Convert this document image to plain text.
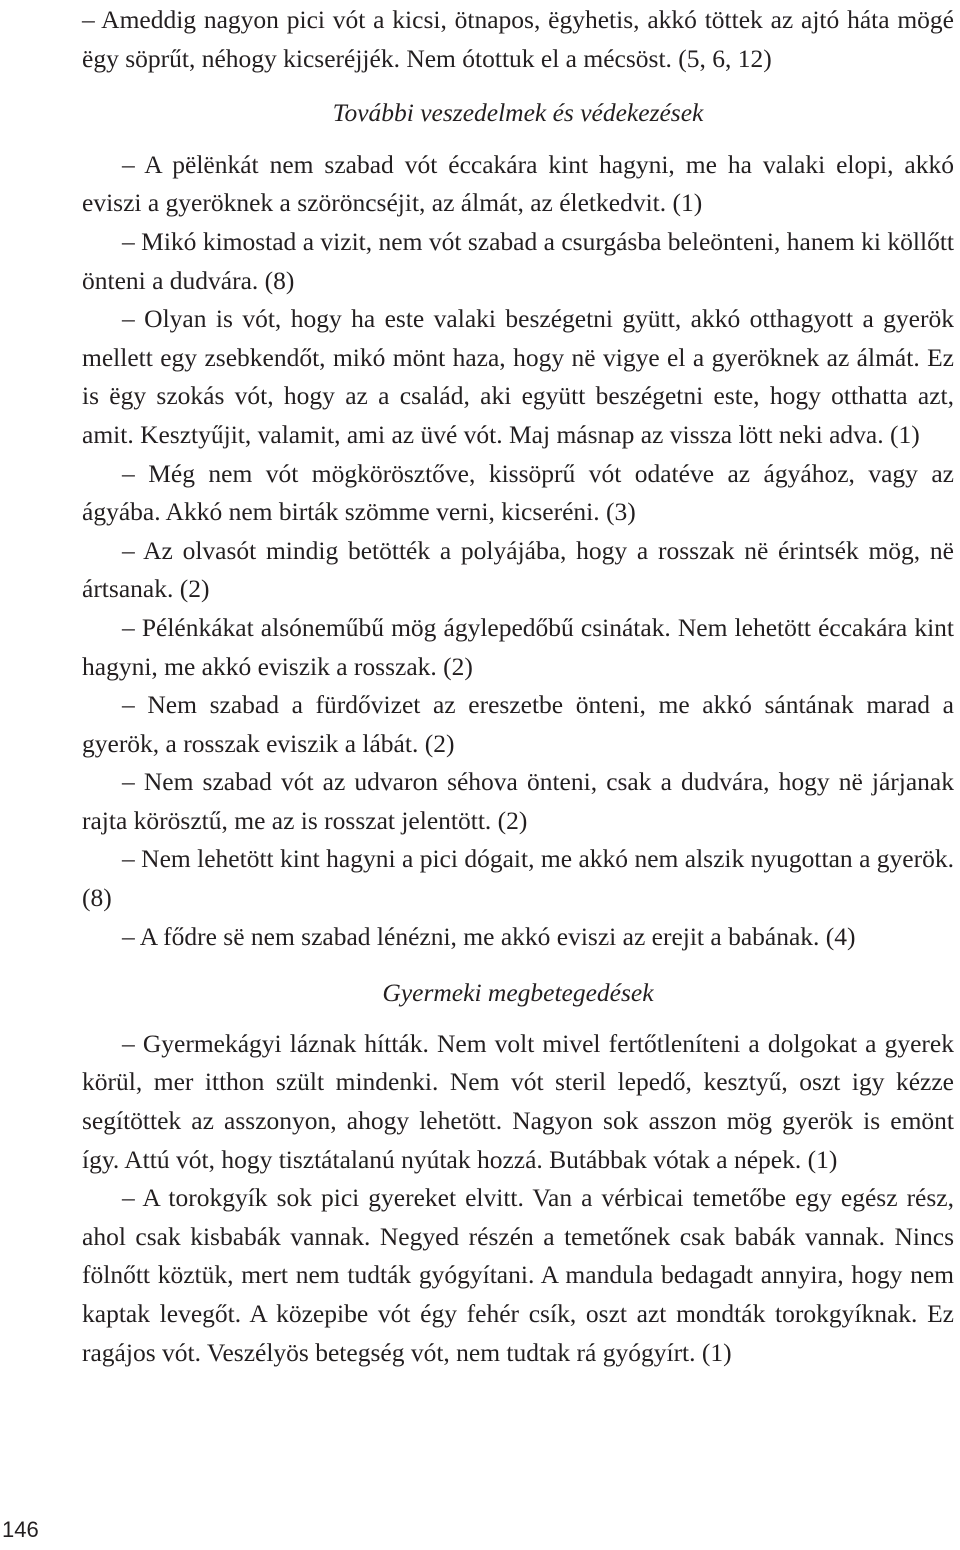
– Ameddig nagyon pici vót a kicsi, ötnapos, ëgyhetis, akkó töttek az ajtó háta mögé ëgy söprűt, néhogy kicseréjjék. Nem ótottuk el a mécsöst. (5, 6, 12)

További veszedelmek és védekezések

– A pëlënkát nem szabad vót éccakára kint hagyni, me ha valaki elopi, akkó eviszi a gyeröknek a szöröncséjit, az álmát, az életkedvit. (1)

– Mikó kimostad a vizit, nem vót szabad a csurgásba beleönteni, hanem ki köllőtt önteni a dudvára. (8)

– Olyan is vót, hogy ha este valaki beszégetni gyütt, akkó otthagyott a gyerök mellett egy zsebkendőt, mikó mönt haza, hogy në vigye el a gyeröknek az álmát. Ez is ëgy szokás vót, hogy az a család, aki együtt beszégetni este, hogy otthatta azt, amit. Kesztyűjit, valamit, ami az üvé vót. Maj másnap az vissza lött neki adva. (1)

– Még nem vót mögkörösztőve, kissöprű vót odatéve az ágyához, vagy az ágyába. Akkó nem birták szömme verni, kicseréni. (3)

– Az olvasót mindig betötték a polyájába, hogy a rosszak në érintsék mög, në ártsanak. (2)

– Pélénkákat alsóneműbű mög ágylepedőbű csinátak. Nem lehetött éccakára kint hagyni, me akkó eviszik a rosszak. (2)

– Nem szabad a fürdővizet az ereszetbe önteni, me akkó sántának marad a gyerök, a rosszak eviszik a lábát. (2)

– Nem szabad vót az udvaron séhova önteni, csak a dudvára, hogy në járjanak rajta körösztű, me az is rosszat jelentött. (2)

– Nem lehetött kint hagyni a pici dógait, me akkó nem alszik nyugottan a gyerök. (8)

– A fődre së nem szabad lénézni, me akkó eviszi az erejit a babának. (4)

Gyermeki megbetegedések

– Gyermekágyi láznak hítták. Nem volt mivel fertőtleníteni a dolgokat a gyerek körül, mer itthon szült mindenki. Nem vót steril lepedő, kesztyű, oszt igy kézze segítöttek az asszonyon, ahogy lehetött. Nagyon sok asszon mög gyerök is emönt így. Attú vót, hogy tisztátalanú nyútak hozzá. Butábbak vótak a népek. (1)

– A torokgyík sok pici gyereket elvitt. Van a vérbicai temetőbe egy egész rész, ahol csak kisbabák vannak. Negyed részén a temetőnek csak babák vannak. Nincs fölnőtt köztük, mert nem tudták gyógyítani. A mandula bedagadt annyira, hogy nem kaptak levegőt. A közepibe vót égy fehér csík, oszt azt mondták torokgyíknak. Ez ragájos vót. Veszélyös betegség vót, nem tudtak rá gyógyírt. (1)

146
